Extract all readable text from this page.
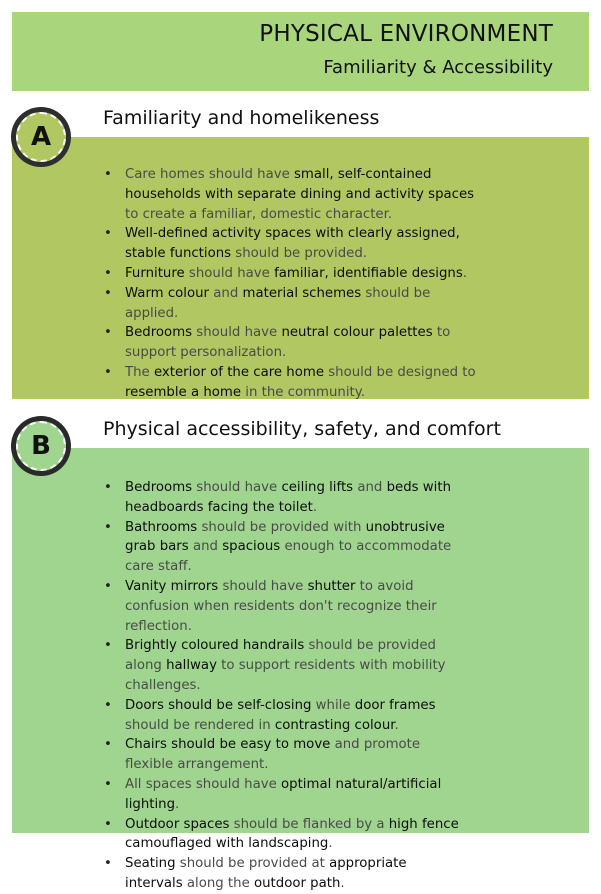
PHYSICAL ENVIRONMENT
Familiarity & Accessibility
Familiarity and homelikeness
Physical accessibility, safety, and comfort
A
B
• Care homes should have small, self-contained households with separate dining and activity spaces to create a familiar, domestic character.
• Well-defined activity spaces with clearly assigned, stable functions should be provided.
• Furniture should have familiar, identifiable designs.
• Warm colour and material schemes should be applied.
• Bedrooms should have neutral colour palettes to support personalization.
• The exterior of the care home should be designed to resemble a home in the community.
• Bedrooms should have ceiling lifts and beds with headboards facing the toilet.
• Bathrooms should be provided with unobtrusive grab bars and spacious enough to accommodate care staff.
• Vanity mirrors should have shutter to avoid confusion when residents don't recognize their reflection.
• Brightly coloured handrails should be provided along hallway to support residents with mobility challenges.
• Doors should be self-closing while door frames should be rendered in contrasting colour.
• Chairs should be easy to move and promote flexible arrangement.
• All spaces should have optimal natural/artificial lighting.
• Outdoor spaces should be flanked by a high fence camouflaged with landscaping.
• Seating should be provided at appropriate intervals along the outdoor path.
